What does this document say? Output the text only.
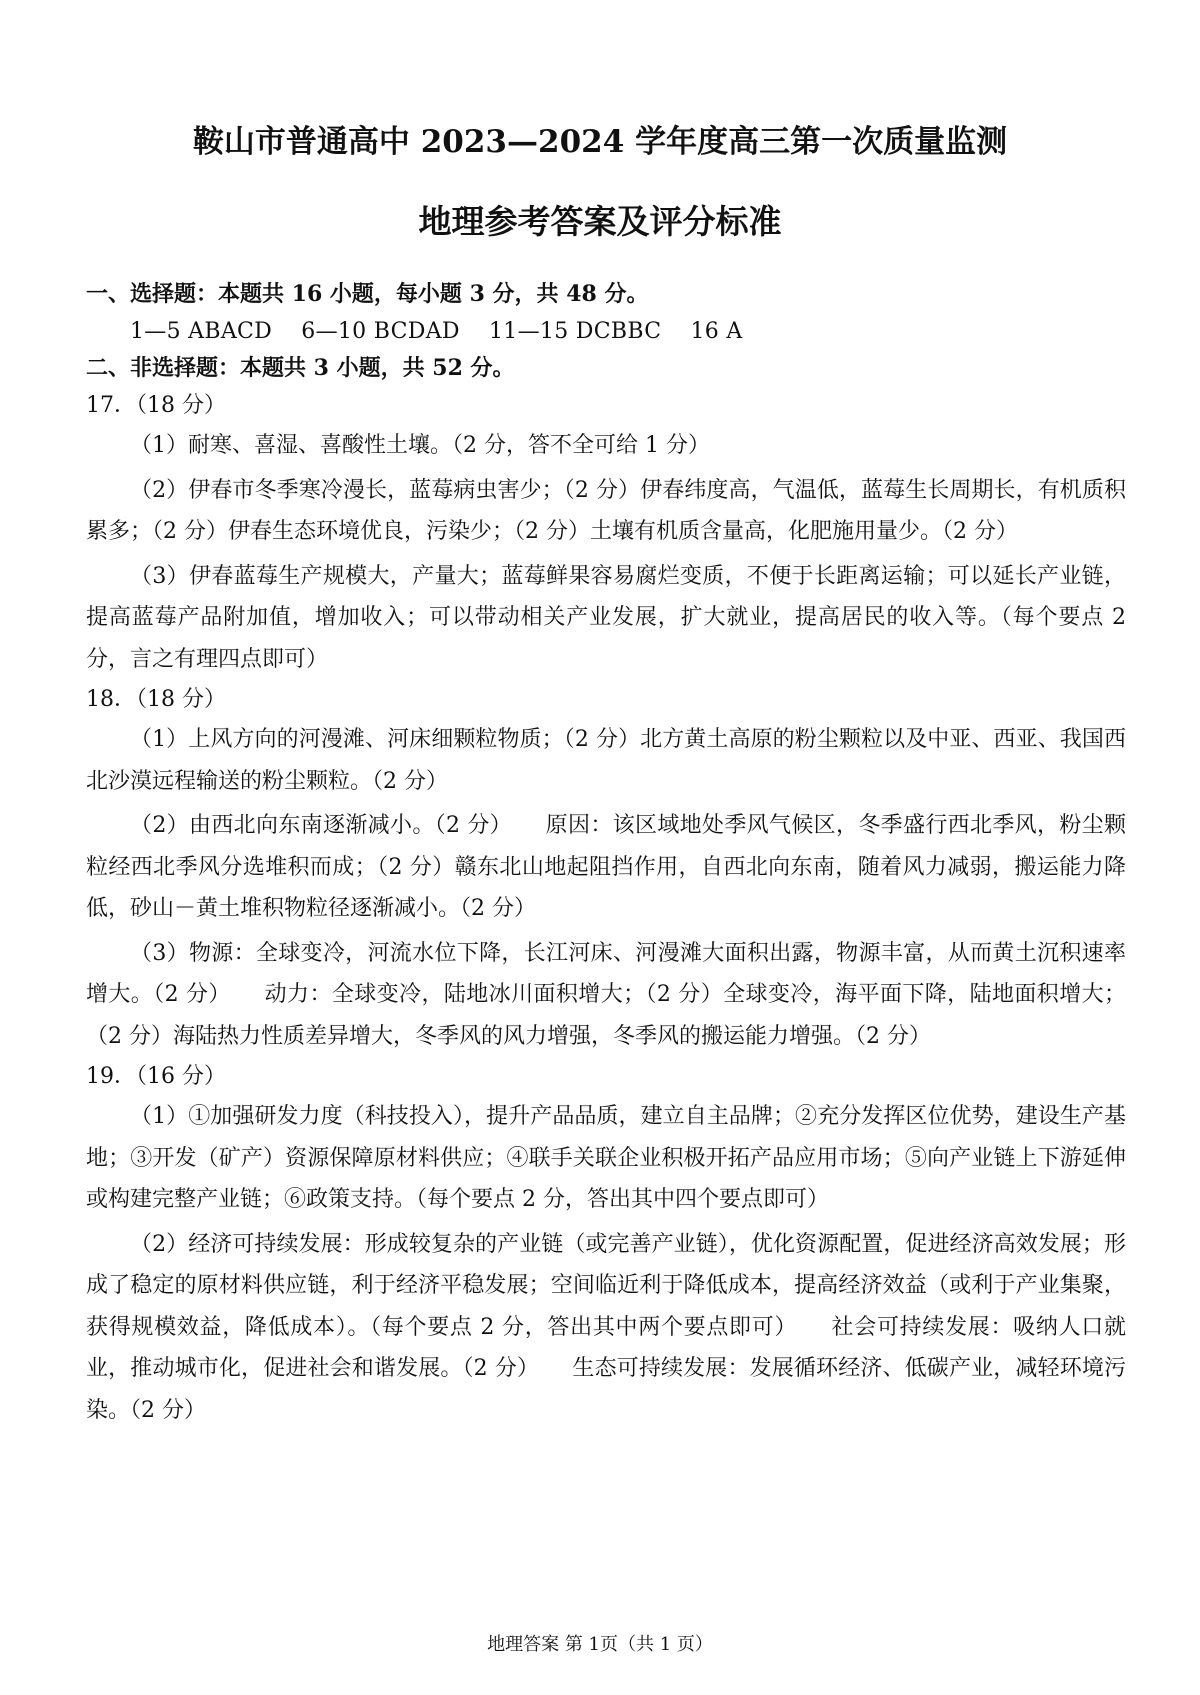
鞍山市普通高中 2023—2024 学年度高三第一次质量监测
地理参考答案及评分标准
一、选择题：本题共 16 小题，每小题 3 分，共 48 分。
1—5 ABACD    6—10 BCDAD    11—15 DCBBC    16 A
二、非选择题：本题共 3 小题，共 52 分。
17．（18 分）
（1）耐寒、喜湿、喜酸性土壤。（2 分，答不全可给 1 分）
（2）伊春市冬季寒冷漫长，蓝莓病虫害少；（2 分）伊春纬度高，气温低，蓝莓生长周期长，有机质积累多；（2 分）伊春生态环境优良，污染少；（2 分）土壤有机质含量高，化肥施用量少。（2 分）
（3）伊春蓝莓生产规模大，产量大；蓝莓鲜果容易腐烂变质，不便于长距离运输；可以延长产业链，提高蓝莓产品附加值，增加收入；可以带动相关产业发展，扩大就业，提高居民的收入等。（每个要点 2 分，言之有理四点即可）
18．（18 分）
（1）上风方向的河漫滩、河床细颗粒物质；（2 分）北方黄土高原的粉尘颗粒以及中亚、西亚、我国西北沙漠远程输送的粉尘颗粒。（2 分）
（2）由西北向东南逐渐减小。（2 分）　　原因：该区域地处季风气候区，冬季盛行西北季风，粉尘颗粒经西北季风分选堆积而成；（2 分）赣东北山地起阻挡作用，自西北向东南，随着风力减弱，搬运能力降低，砂山－黄土堆积物粒径逐渐减小。（2 分）
（3）物源：全球变冷，河流水位下降，长江河床、河漫滩大面积出露，物源丰富，从而黄土沉积速率增大。（2 分）　　动力：全球变冷，陆地冰川面积增大；（2 分）全球变冷，海平面下降，陆地面积增大；（2 分）海陆热力性质差异增大，冬季风的风力增强，冬季风的搬运能力增强。（2 分）
19．（16 分）
（1）①加强研发力度（科技投入），提升产品品质，建立自主品牌；②充分发挥区位优势，建设生产基地；③开发（矿产）资源保障原材料供应；④联手关联企业积极开拓产品应用市场；⑤向产业链上下游延伸或构建完整产业链；⑥政策支持。（每个要点 2 分，答出其中四个要点即可）
（2）经济可持续发展：形成较复杂的产业链（或完善产业链），优化资源配置，促进经济高效发展；形成了稳定的原材料供应链，利于经济平稳发展；空间临近利于降低成本，提高经济效益（或利于产业集聚，获得规模效益，降低成本）。（每个要点 2 分，答出其中两个要点即可）　　社会可持续发展：吸纳人口就业，推动城市化，促进社会和谐发展。（2 分）　　生态可持续发展：发展循环经济、低碳产业，减轻环境污染。（2 分）
地理答案 第 1页（共 1 页）
